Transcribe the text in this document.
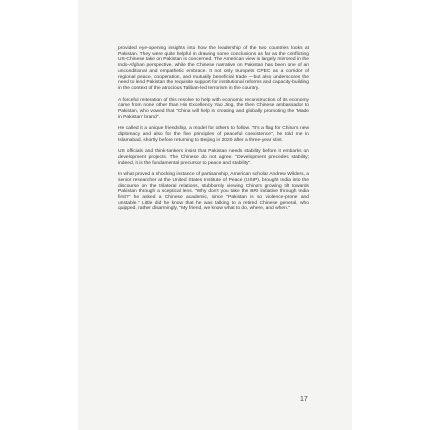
provided eye-opening insights into how the leadership of the two countries looks at Pakistan. They were quite helpful in drawing some conclusions as far as the conflicting US-Chinese take on Pakistan is concerned. The American view is largely mirrored in the Indo-Afghan perspective, while the Chinese narrative on Pakistan has been one of an unconditional and empathetic embrace. It not only trumpets CPEC as a corridor of regional peace, cooperation, and mutually beneficial trade —but also underscores the need to lend Pakistan the requisite support for institutional reforms and capacity-building in the context of the atrocious Taliban-led terrorism in the country.

A forceful reiteration of this resolve to help with economic reconstruction of its economy came from none other than His Excellency Yao Jing, the then Chinese ambassador to Pakistan, who vowed that "China will help in creating and globally promoting the 'Made in Pakistan' brand".

He called it a unique friendship, a model for others to follow. "It's a flag for China's new diplomacy and also for the five principles of peaceful coexistence", he told me in Islamabad, shortly before returning to Beijing in 2020 after a three-year stint.

US officials and think-tankers insist that Pakistan needs stability before it embarks on development projects. The Chinese do not agree. "Development precedes stability; indeed, it is the fundamental precursor to peace and stability".

In what proved a shocking instance of partisanship, American scholar Andrew Wilders, a senior researcher at the United States Institute of Peace (USIP), brought India into the discourse on the trilateral relations, stubbornly viewing China's growing tilt towards Pakistan through a sceptical lens. "Why don't you take the BRI initiative through India first?" he asked a Chinese academic, since "Pakistan is so violence-prone and unstable." Little did he know that he was talking to a retired Chinese general, who quipped, rather disarmingly, "My friend, we know what to do, where, and when."

17
